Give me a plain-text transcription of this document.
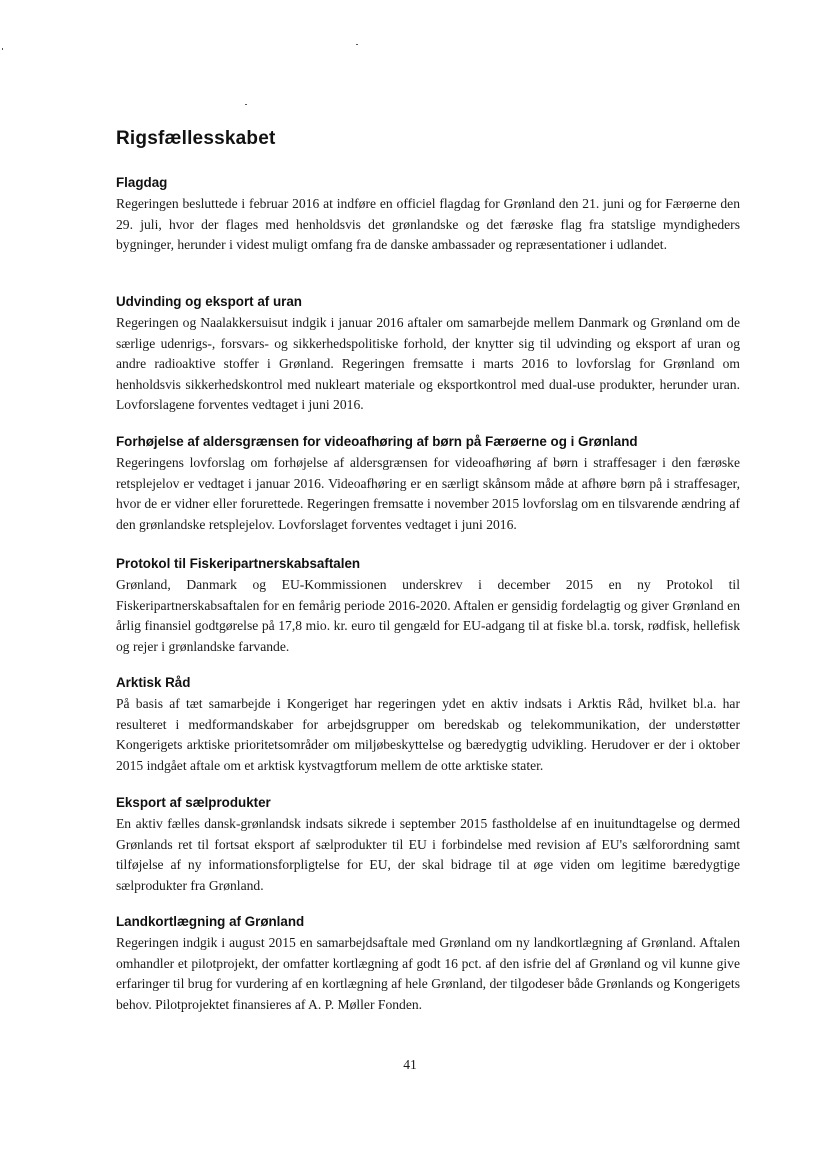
Rigsfællesskabet
Flagdag

Regeringen besluttede i februar 2016 at indføre en officiel flagdag for Grønland den 21. juni og for Færøerne den 29. juli, hvor der flages med henholdsvis det grønlandske og det færøske flag fra statslige myndigheders bygninger, herunder i videst muligt omfang fra de danske ambassader og repræsentationer i udlandet.

Udvinding og eksport af uran

Regeringen og Naalakkersuisut indgik i januar 2016 aftaler om samarbejde mellem Danmark og Grønland om de særlige udenrigs-, forsvars- og sikkerhedspolitiske forhold, der knytter sig til udvinding og eksport af uran og andre radioaktive stoffer i Grønland. Regeringen fremsatte i marts 2016 to lovforslag for Grønland om henholdsvis sikkerhedskontrol med nukleart materiale og eksportkontrol med dual-use produkter, herunder uran. Lovforslagene forventes vedtaget i juni 2016.

Forhøjelse af aldersgrænsen for videoafhøring af børn på Færøerne og i Grønland

Regeringens lovforslag om forhøjelse af aldersgrænsen for videoafhøring af børn i straffesager i den færøske retsplejelov er vedtaget i januar 2016. Videoafhøring er en særligt skånsom måde at afhøre børn på i straffesager, hvor de er vidner eller forurettede. Regeringen fremsatte i november 2015 lovforslag om en tilsvarende ændring af den grønlandske retsplejelov. Lovforslaget forventes vedtaget i juni 2016.

Protokol til Fiskeripartnerskabsaftalen

Grønland, Danmark og EU-Kommissionen underskrev i december 2015 en ny Protokol til Fiskeripartnerskabsaftalen for en femårig periode 2016-2020. Aftalen er gensidig fordelagtig og giver Grønland en årlig finansiel godtgørelse på 17,8 mio. kr. euro til gengæld for EU-adgang til at fiske bl.a. torsk, rødfisk, hellefisk og rejer i grønlandske farvande.

Arktisk Råd

På basis af tæt samarbejde i Kongeriget har regeringen ydet en aktiv indsats i Arktis Råd, hvilket bl.a. har resulteret i medformandskaber for arbejdsgrupper om beredskab og telekommunikation, der understøtter Kongerigets arktiske prioritetsområder om miljøbeskyttelse og bæredygtig udvikling. Herudover er der i oktober 2015 indgået aftale om et arktisk kystvagtforum mellem de otte arktiske stater.

Eksport af sælprodukter

En aktiv fælles dansk-grønlandsk indsats sikrede i september 2015 fastholdelse af en inuitundtagelse og dermed Grønlands ret til fortsat eksport af sælprodukter til EU i forbindelse med revision af EU's sælforordning samt tilføjelse af ny informationsforpligtelse for EU, der skal bidrage til at øge viden om legitime bæredygtige sælprodukter fra Grønland.

Landkortlægning af Grønland

Regeringen indgik i august 2015 en samarbejdsaftale med Grønland om ny landkortlægning af Grønland. Aftalen omhandler et pilotprojekt, der omfatter kortlægning af godt 16 pct. af den isfrie del af Grønland og vil kunne give erfaringer til brug for vurdering af en kortlægning af hele Grønland, der tilgodeser både Grønlands og Kongerigets behov. Pilotprojektet finansieres af A. P. Møller Fonden.

41
